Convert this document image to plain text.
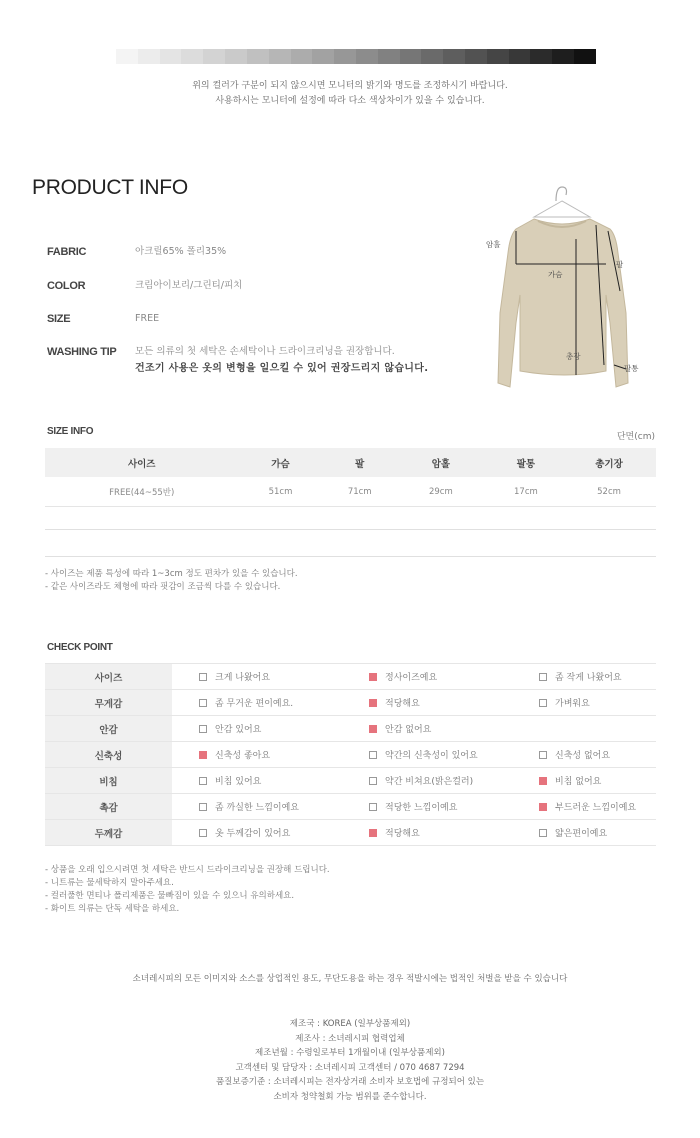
위의 컬러가 구분이 되지 않으시면 모니터의 밝기와 명도를 조정하시기 바랍니다.
사용하시는 모니터에 설정에 따라 다소 색상차이가 있을 수 있습니다.
PRODUCT INFO
FABRIC	아크릴65% 폴리35%
COLOR	크림아이보리/그린티/피치
SIZE	FREE
WASHING TIP	모든 의류의 첫 세탁은 손세탁이나 드라이크리닝을 권장합니다.
건조기 사용은 옷의 변형을 일으킬 수 있어 권장드리지 않습니다.
암홀
팔
가슴
총장
팔통
SIZE INFO	단면(cm)
사이즈	가슴	팔	암홀	팔통	총기장	
FREE(44~55반)	51cm	71cm	29cm	17cm	52cm	
- 사이즈는 제품 특성에 따라 1~3cm 정도 편차가 있을 수 있습니다.
- 같은 사이즈라도 체형에 따라 핏감이 조금씩 다를 수 있습니다.
CHECK POINT
사이즈	크게 나왔어요	정사이즈예요	좀 작게 나왔어요

무게감	좀 무거운 편이예요.	적당해요	가벼워요

안감	안감 있어요	안감 없어요	

신축성	신축성 좋아요	약간의 신축성이 있어요	신축성 없어요

비침	비침 있어요	약간 비쳐요(밝은컬러)	비침 없어요

촉감	좀 까실한 느낌이예요	적당한 느낌이예요	부드러운 느낌이예요

두께감	옷 두께감이 있어요	적당해요	얇은편이예요
- 상품을 오래 입으시려면 첫 세탁은 반드시 드라이크리닝을 권장해 드립니다.
- 니트류는 물세탁하지 말아주세요.
- 컬러풀한 면티나 폴리제품은 물빠짐이 있을 수 있으니 유의하세요.
- 화이트 의류는 단독 세탁을 하세요.
소녀레시피의 모든 이미지와 소스를 상업적인 용도, 무단도용을 하는 경우 적발시에는 법적인 처벌을 받을 수 있습니다
제조국 : KOREA (일부상품제외)
제조사 : 소녀레시피 협력업체
제조년월 : 수령일로부터 1개월이내 (일부상품제외)
고객센터 및 담당자 : 소녀레시피 고객센터 / 070 4687 7294
품질보증기준 : 소녀레시피는 전자상거래 소비자 보호법에 규정되어 있는
소비자 청약철회 가능 범위를 준수합니다.
